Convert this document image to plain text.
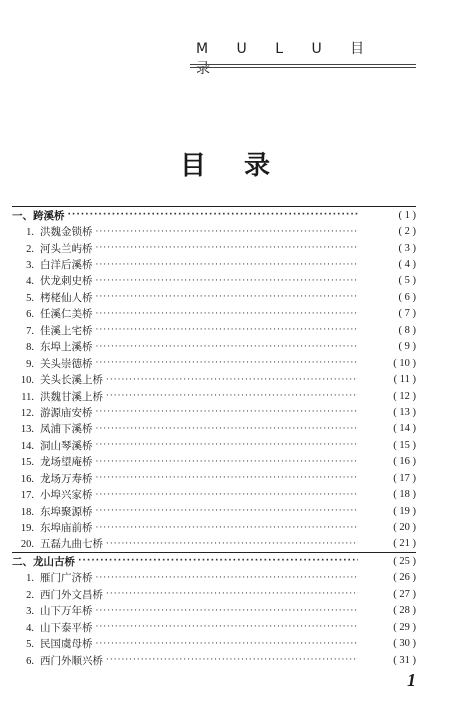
M U L U 目 录
目录
一、跨溪桥 ·····	( 1 )
1. 洪魏金锁桥 ·····	( 2 )
2. 河头兰屿桥 ·····	( 3 )
3. 白洋后溪桥 ·····	( 4 )
4. 伏龙刺史桥 ·····	( 5 )
5. 栲栳仙人桥 ·····	( 6 )
6. 任溪仁美桥 ·····	( 7 )
7. 佳溪上宅桥 ·····	( 8 )
8. 东埠上溪桥 ·····	( 9 )
9. 关头崇德桥 ·····	( 10 )
10. 关头长溪上桥 ·····	( 11 )
11. 洪魏甘溪上桥 ·····	( 12 )
12. 游源庙安桥 ·····	( 13 )
13. 凤浦下溪桥 ·····	( 14 )
14. 洞山琴溪桥 ·····	( 15 )
15. 龙场望庵桥 ·····	( 16 )
16. 龙场万寿桥 ·····	( 17 )
17. 小埠兴家桥 ·····	( 18 )
18. 东埠聚源桥 ·····	( 19 )
19. 东埠庙前桥 ·····	( 20 )
20. 五磊九曲七桥 ·····	( 21 )
二、龙山古桥 ·····	( 25 )
1. 雁门广济桥 ·····	( 26 )
2. 西门外文昌桥 ·····	( 27 )
3. 山下万年桥 ·····	( 28 )
4. 山下泰平桥 ·····	( 29 )
5. 民国虞母桥 ·····	( 30 )
6. 西门外顺兴桥 ·····	( 31 )
1
